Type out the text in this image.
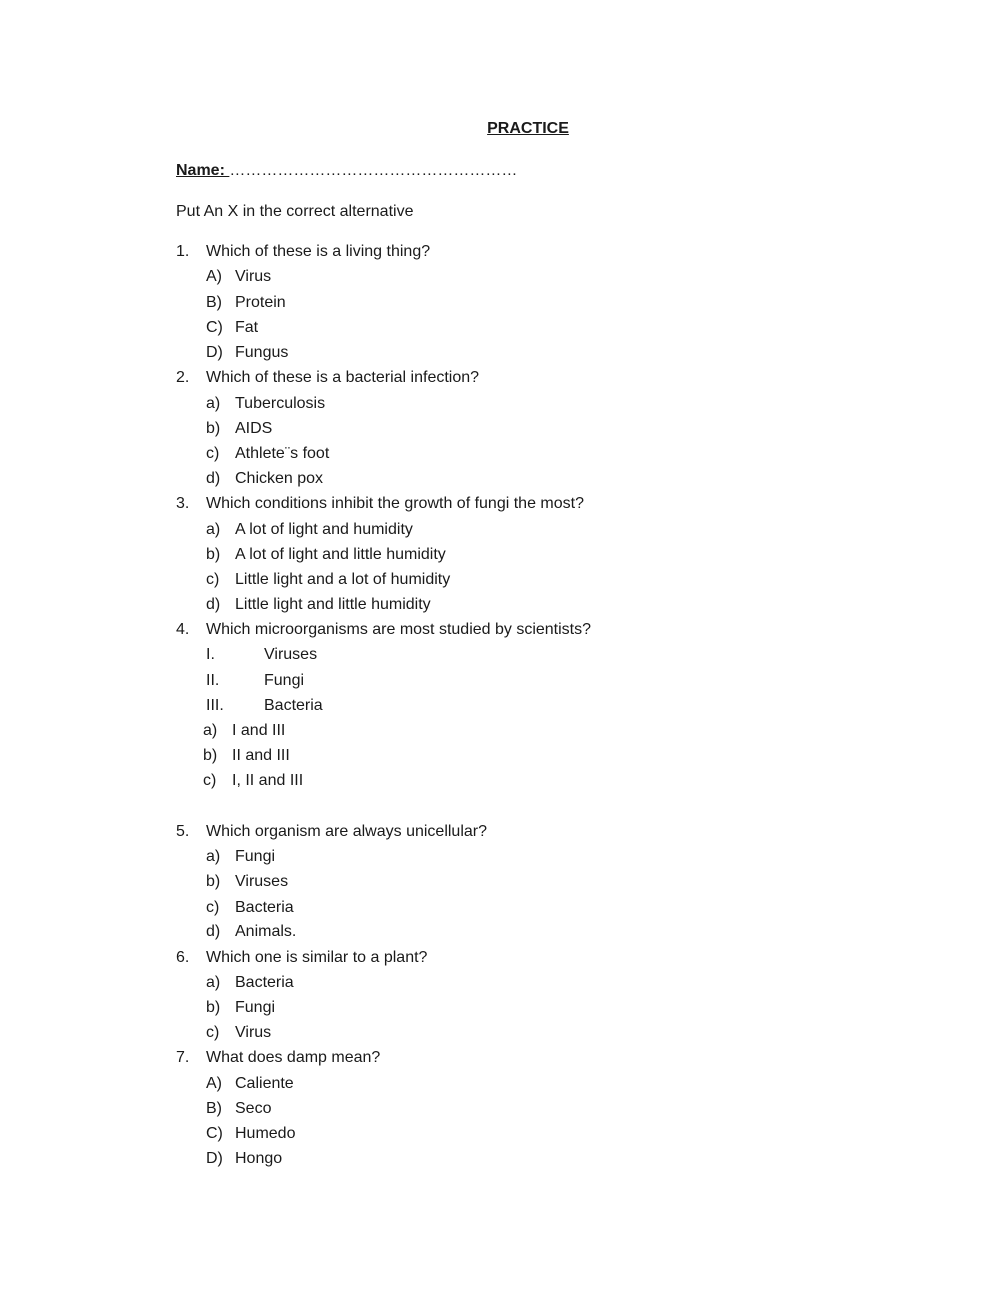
PRACTICE
Name: ………………………………………………
Put An X in the correct alternative
1. Which of these is a living thing?
A) Virus
B) Protein
C) Fat
D) Fungus
2. Which of these is a bacterial infection?
a) Tuberculosis
b) AIDS
c) Athlete¨s foot
d) Chicken pox
3. Which conditions inhibit the growth of fungi the most?
a) A lot of light and humidity
b) A lot of light and little humidity
c) Little light and a lot of humidity
d) Little light and little humidity
4. Which microorganisms are most studied by scientists?
I.	Viruses
II.	Fungi
III.	Bacteria
a) I and III
b) II and III
c) I, II and III
5. Which organism are always unicellular?
a) Fungi
b) Viruses
c) Bacteria
d) Animals.
6. Which one is similar to a plant?
a) Bacteria
b) Fungi
c) Virus
7. What does damp mean?
A) Caliente
B) Seco
C) Humedo
D) Hongo
